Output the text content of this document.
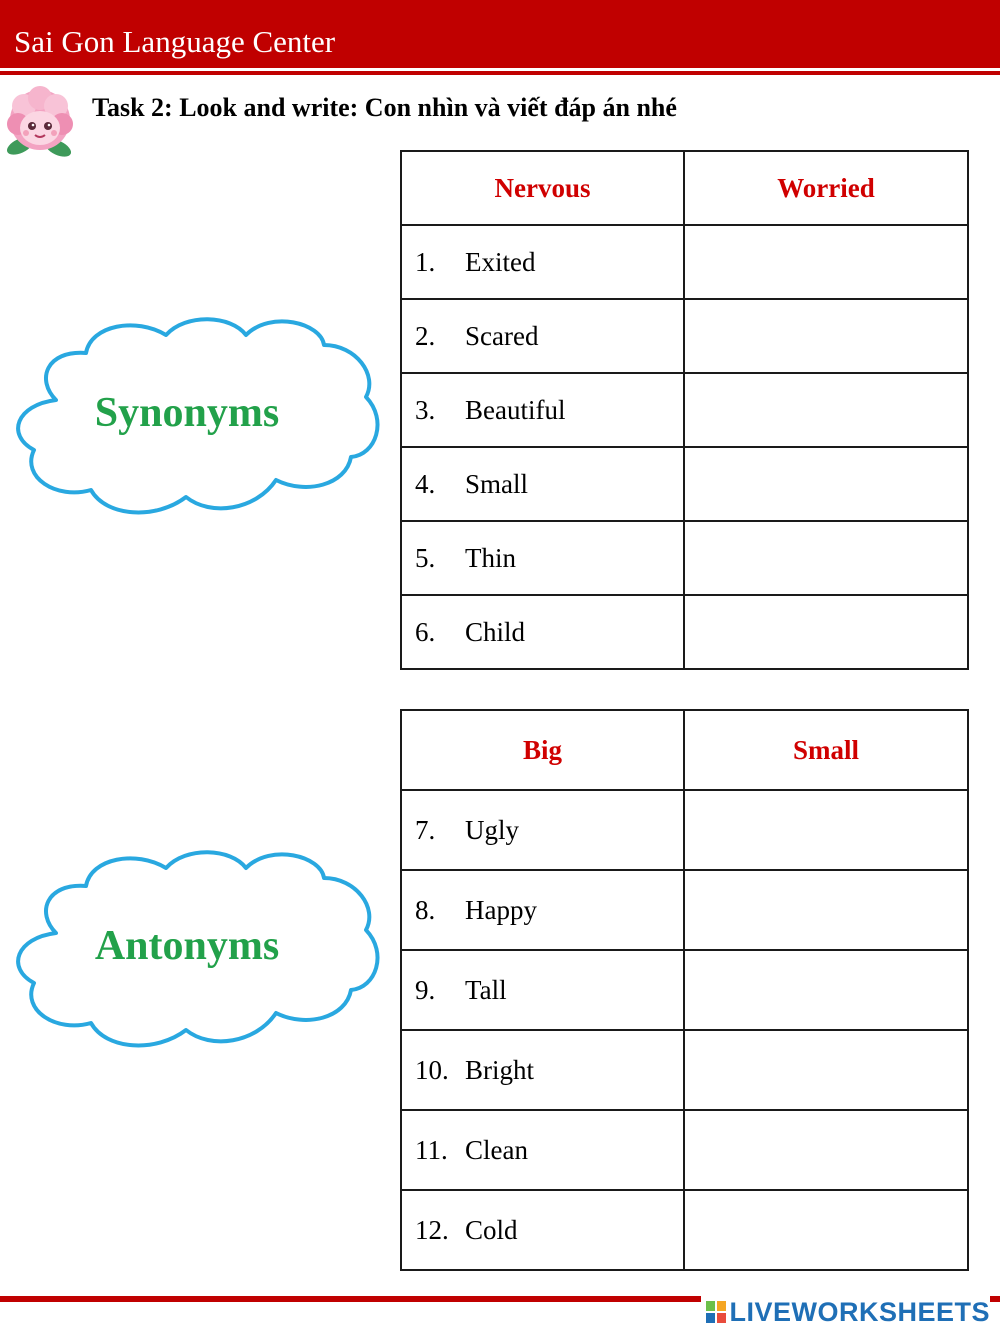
Sai Gon Language Center
Task 2: Look and write: Con nhìn và viết đáp án nhé
Synonyms
Nervous	Worried
1. Exited	
2. Scared	
3. Beautiful	
4. Small	
5. Thin	
6. Child	
Antonyms
Big	Small
7. Ugly	
8. Happy	
9. Tall	
10. Bright	
11. Clean	
12. Cold	
LIVEWORKSHEETS
